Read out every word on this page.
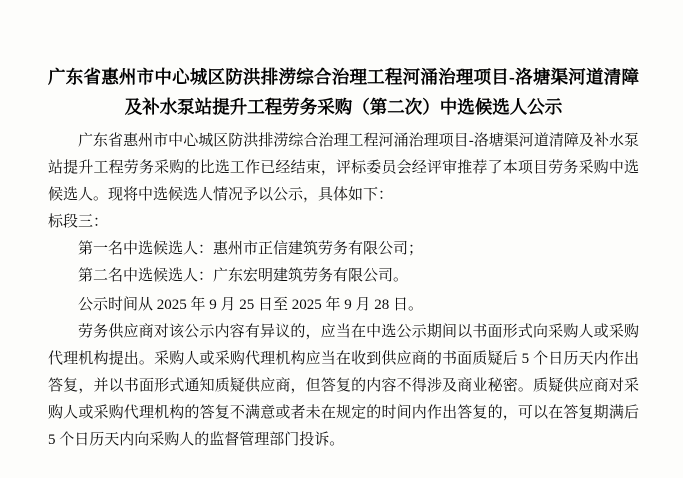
广东省惠州市中心城区防洪排涝综合治理工程河涌治理项目-洛塘渠河道清障及补水泵站提升工程劳务采购（第二次）中选候选人公示

广东省惠州市中心城区防洪排涝综合治理工程河涌治理项目-洛塘渠河道清障及补水泵站提升工程劳务采购的比选工作已经结束，评标委员会经评审推荐了本项目劳务采购中选候选人。现将中选候选人情况予以公示，具体如下：

标段三：

第一名中选候选人：惠州市正信建筑劳务有限公司；

第二名中选候选人：广东宏明建筑劳务有限公司。

公示时间从 2025 年 9 月 25 日至 2025 年 9 月 28 日。

劳务供应商对该公示内容有异议的，应当在中选公示期间以书面形式向采购人或采购代理机构提出。采购人或采购代理机构应当在收到供应商的书面质疑后 5 个日历天内作出答复，并以书面形式通知质疑供应商，但答复的内容不得涉及商业秘密。质疑供应商对采购人或采购代理机构的答复不满意或者未在规定的时间内作出答复的，可以在答复期满后 5 个日历天内向采购人的监督管理部门投诉。
